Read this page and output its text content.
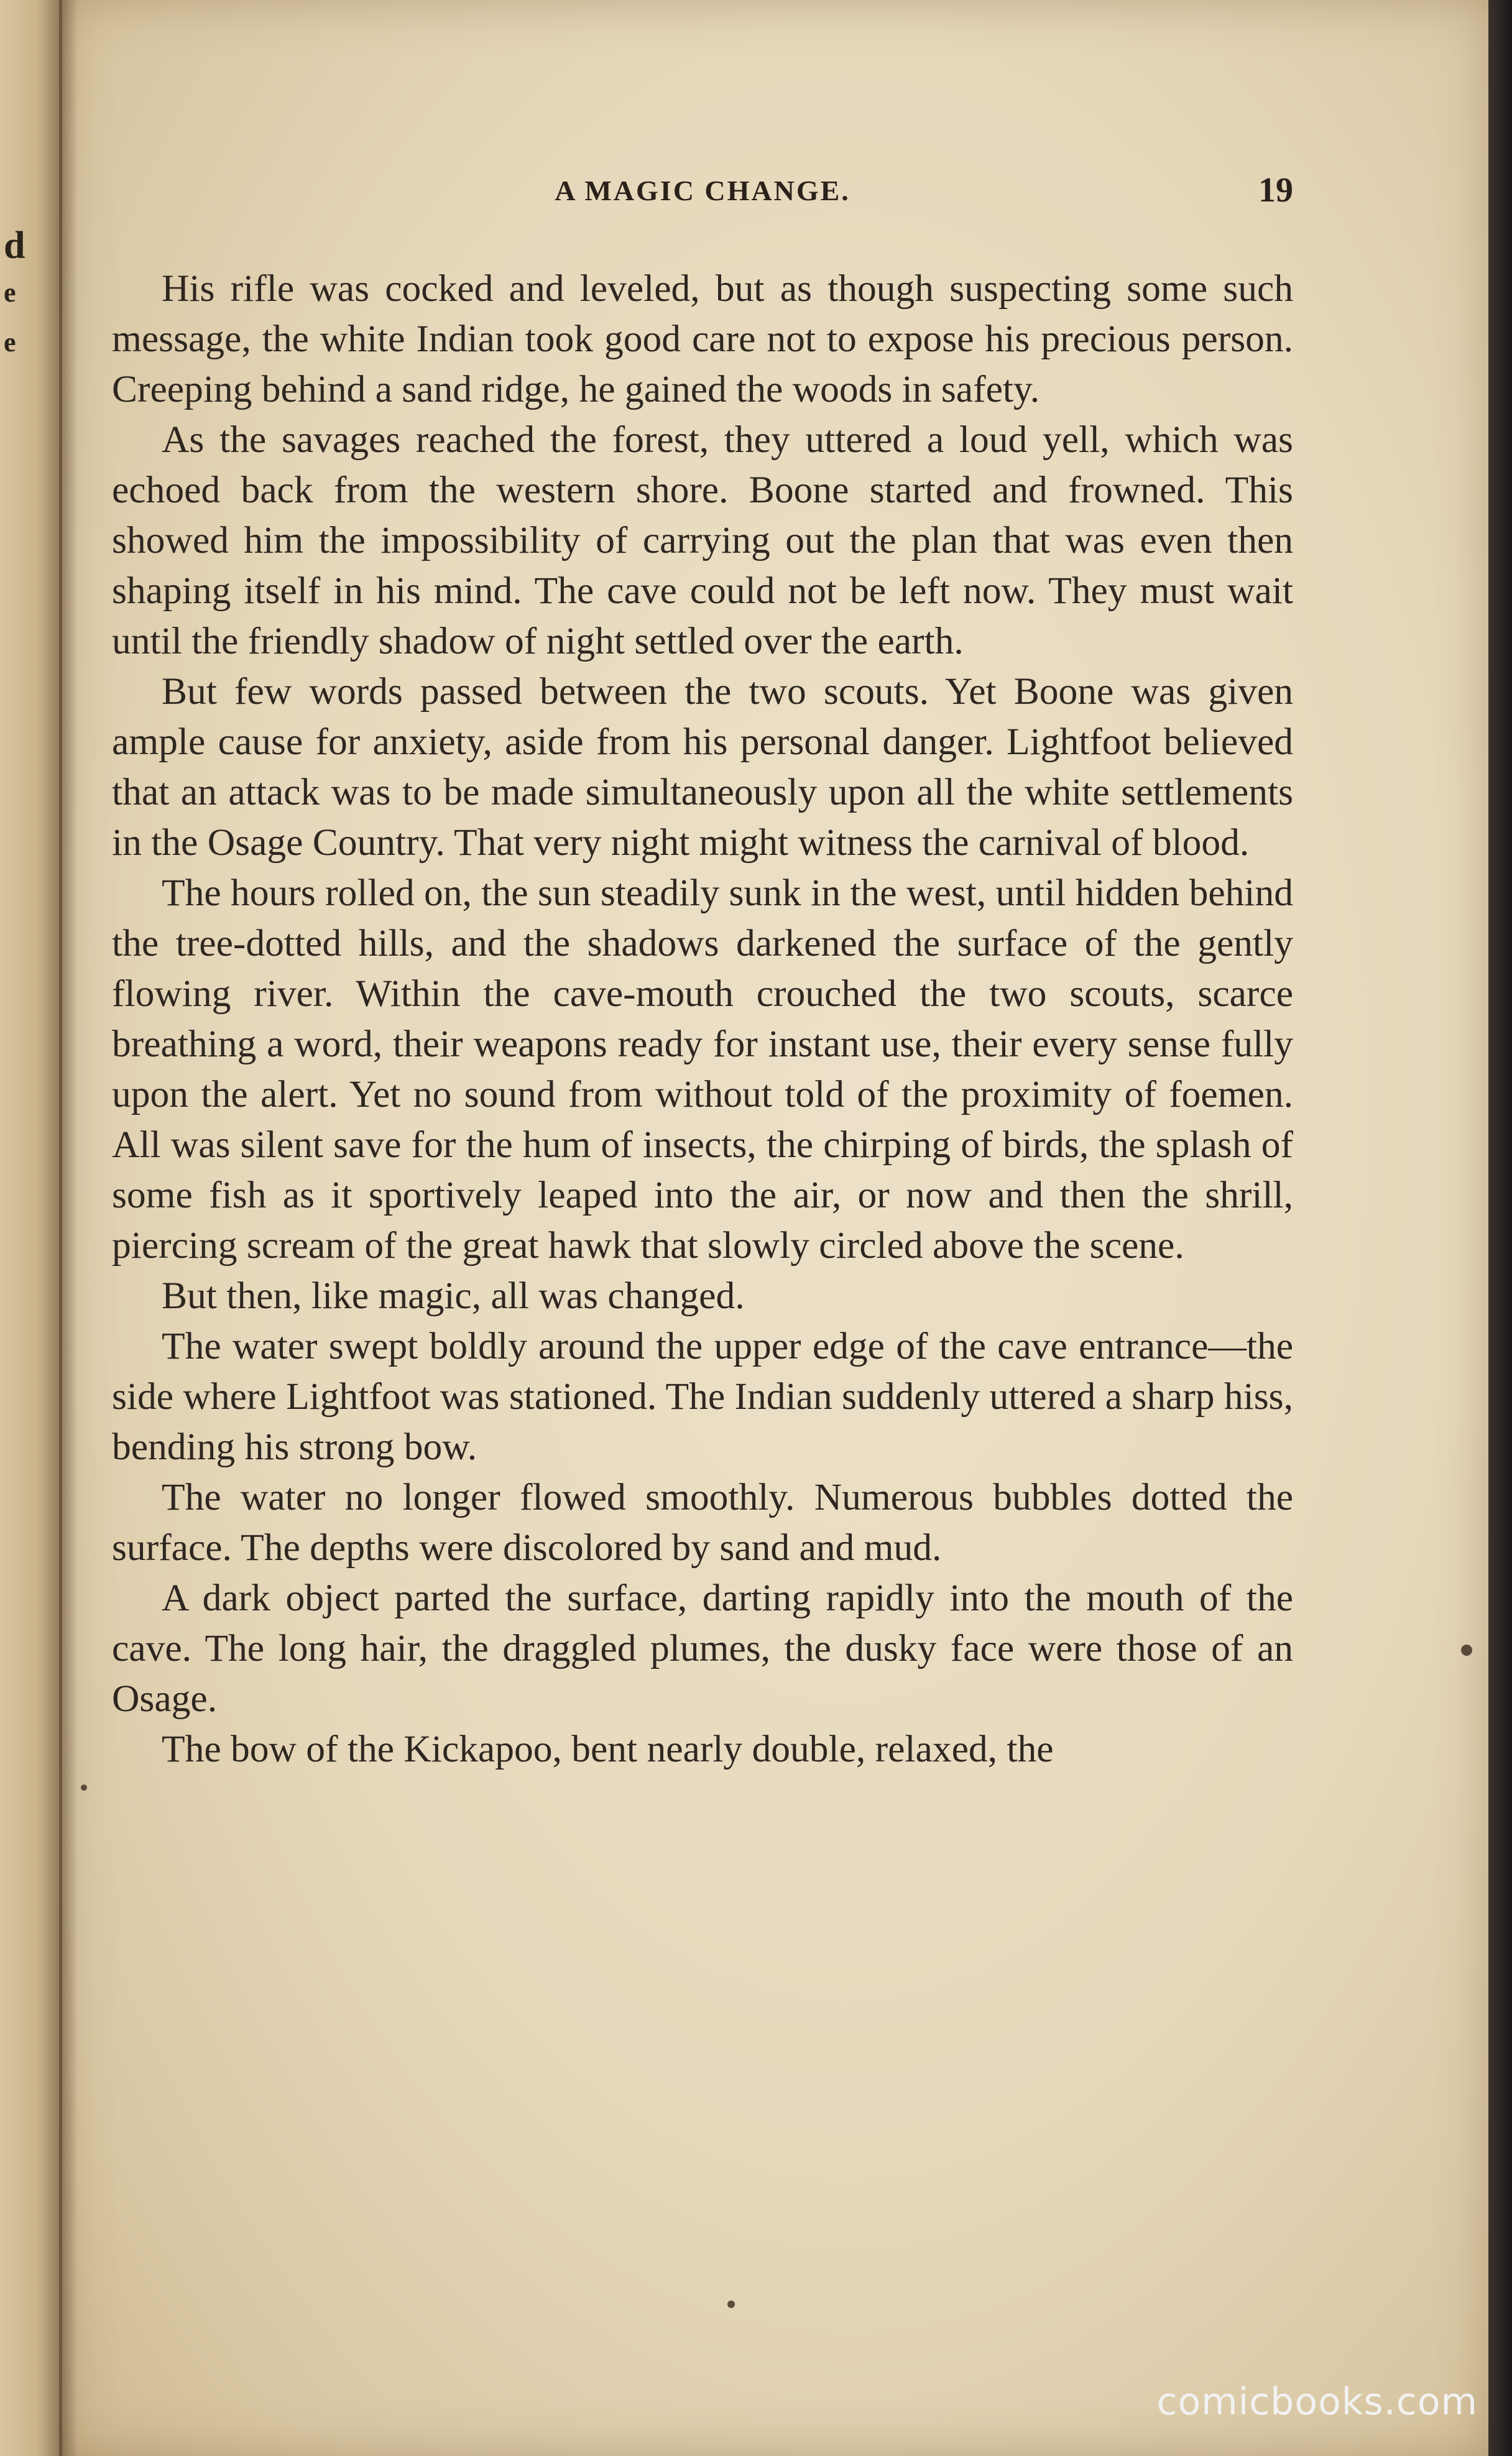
d
e
e
A MAGIC CHANGE.	19

His rifle was cocked and leveled, but as though suspecting some such message, the white Indian took good care not to expose his precious person. Creeping behind a sand ridge, he gained the woods in safety.

As the savages reached the forest, they uttered a loud yell, which was echoed back from the western shore. Boone started and frowned. This showed him the impossibility of carrying out the plan that was even then shaping itself in his mind. The cave could not be left now. They must wait until the friendly shadow of night settled over the earth.

But few words passed between the two scouts. Yet Boone was given ample cause for anxiety, aside from his personal danger. Lightfoot believed that an attack was to be made simultaneously upon all the white settlements in the Osage Country. That very night might witness the carnival of blood.

The hours rolled on, the sun steadily sunk in the west, until hidden behind the tree-dotted hills, and the shadows darkened the surface of the gently flowing river. Within the cave-mouth crouched the two scouts, scarce breathing a word, their weapons ready for instant use, their every sense fully upon the alert. Yet no sound from without told of the proximity of foemen. All was silent save for the hum of insects, the chirping of birds, the splash of some fish as it sportively leaped into the air, or now and then the shrill, piercing scream of the great hawk that slowly circled above the scene.

But then, like magic, all was changed.

The water swept boldly around the upper edge of the cave entrance—the side where Lightfoot was stationed. The Indian suddenly uttered a sharp hiss, bending his strong bow.

The water no longer flowed smoothly. Numerous bubbles dotted the surface. The depths were discolored by sand and mud.

A dark object parted the surface, darting rapidly into the mouth of the cave. The long hair, the draggled plumes, the dusky face were those of an Osage.

The bow of the Kickapoo, bent nearly double, relaxed, the

comicbooks.com
